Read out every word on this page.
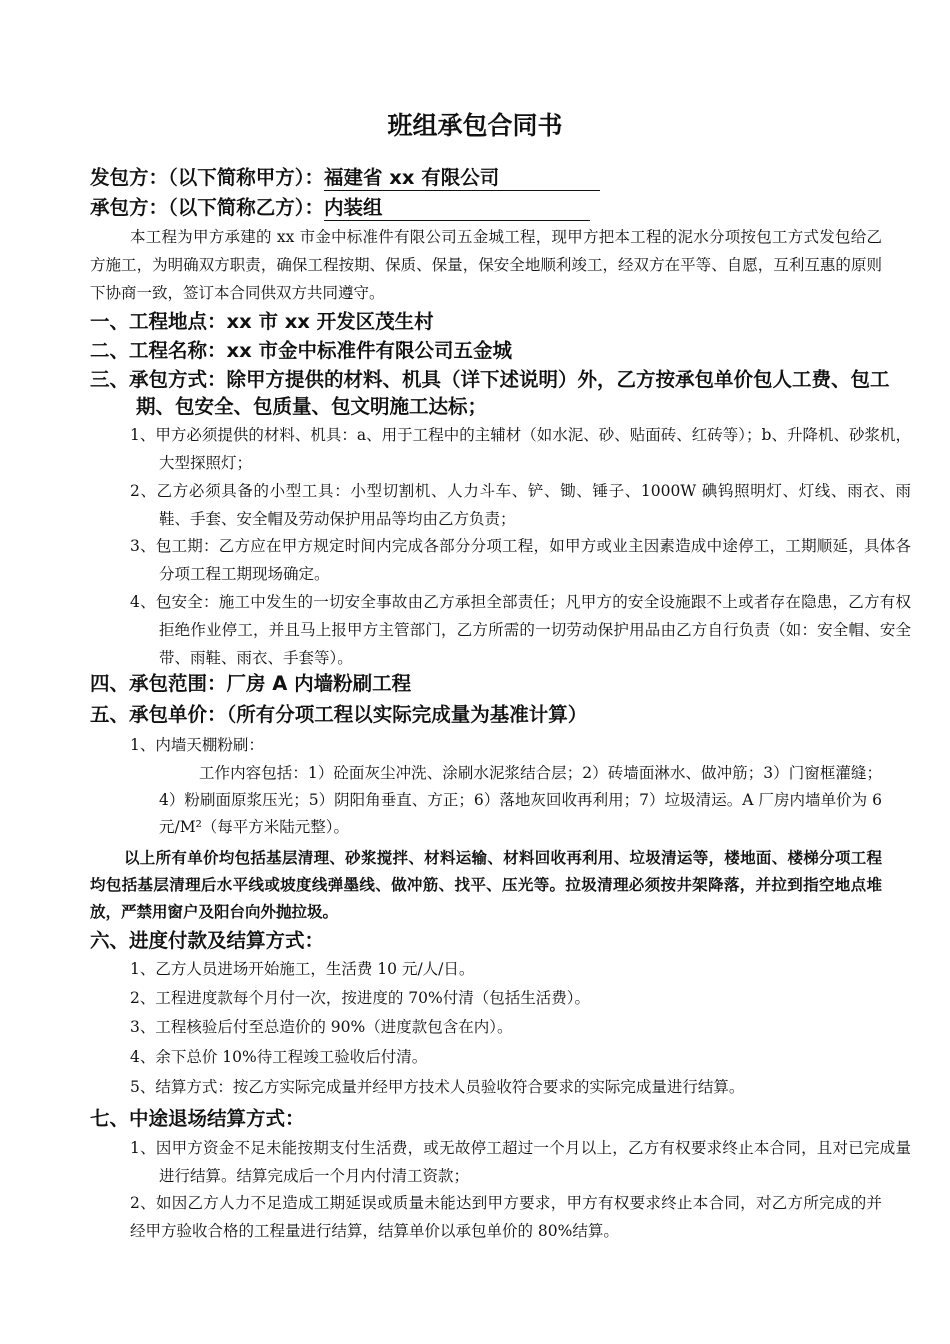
班组承包合同书
发包方：（以下简称甲方）：福建省 xx 有限公司
承包方：（以下简称乙方）：内装组
本工程为甲方承建的 xx 市金中标准件有限公司五金城工程，现甲方把本工程的泥水分项按包工方式发包给乙方施工，为明确双方职责，确保工程按期、保质、保量，保安全地顺利竣工，经双方在平等、自愿，互利互惠的原则下协商一致，签订本合同供双方共同遵守。
一、工程地点：xx 市 xx 开发区茂生村
二、工程名称：xx 市金中标准件有限公司五金城
三、承包方式：除甲方提供的材料、机具（详下述说明）外，乙方按承包单价包人工费、包工期、包安全、包质量、包文明施工达标；
1、甲方必须提供的材料、机具：a、用于工程中的主辅材（如水泥、砂、贴面砖、红砖等）；b、升降机、砂浆机，大型探照灯；
2、乙方必须具备的小型工具：小型切割机、人力斗车、铲、锄、锤子、1000W 碘钨照明灯、灯线、雨衣、雨鞋、手套、安全帽及劳动保护用品等均由乙方负责；
3、包工期：乙方应在甲方规定时间内完成各部分分项工程，如甲方或业主因素造成中途停工，工期顺延，具体各分项工程工期现场确定。
4、包安全：施工中发生的一切安全事故由乙方承担全部责任；凡甲方的安全设施跟不上或者存在隐患，乙方有权拒绝作业停工，并且马上报甲方主管部门，乙方所需的一切劳动保护用品由乙方自行负责（如：安全帽、安全带、雨鞋、雨衣、手套等）。
四、承包范围：厂房 A 内墙粉刷工程
五、承包单价：（所有分项工程以实际完成量为基准计算）
1、内墙天棚粉刷：
工作内容包括：1）砼面灰尘冲洗、涂刷水泥浆结合层；2）砖墙面淋水、做冲筋；3）门窗框灌缝；4）粉刷面原浆压光；5）阴阳角垂直、方正；6）落地灰回收再利用；7）垃圾清运。A 厂房内墙单价为 6 元/M²（每平方米陆元整）。
以上所有单价均包括基层清理、砂浆搅拌、材料运输、材料回收再利用、垃圾清运等，楼地面、楼梯分项工程均包括基层清理后水平线或坡度线弹墨线、做冲筋、找平、压光等。拉圾清理必须按井架降落，并拉到指空地点堆放，严禁用窗户及阳台向外抛拉圾。
六、进度付款及结算方式：
1、乙方人员进场开始施工，生活费 10 元/人/日。
2、工程进度款每个月付一次，按进度的 70%付清（包括生活费）。
3、工程核验后付至总造价的 90%（进度款包含在内）。
4、余下总价 10%待工程竣工验收后付清。
5、结算方式：按乙方实际完成量并经甲方技术人员验收符合要求的实际完成量进行结算。
七、中途退场结算方式：
1、因甲方资金不足未能按期支付生活费，或无故停工超过一个月以上，乙方有权要求终止本合同，且对已完成量进行结算。结算完成后一个月内付清工资款；
2、如因乙方人力不足造成工期延误或质量未能达到甲方要求，甲方有权要求终止本合同，对乙方所完成的并经甲方验收合格的工程量进行结算，结算单价以承包单价的 80%结算。
